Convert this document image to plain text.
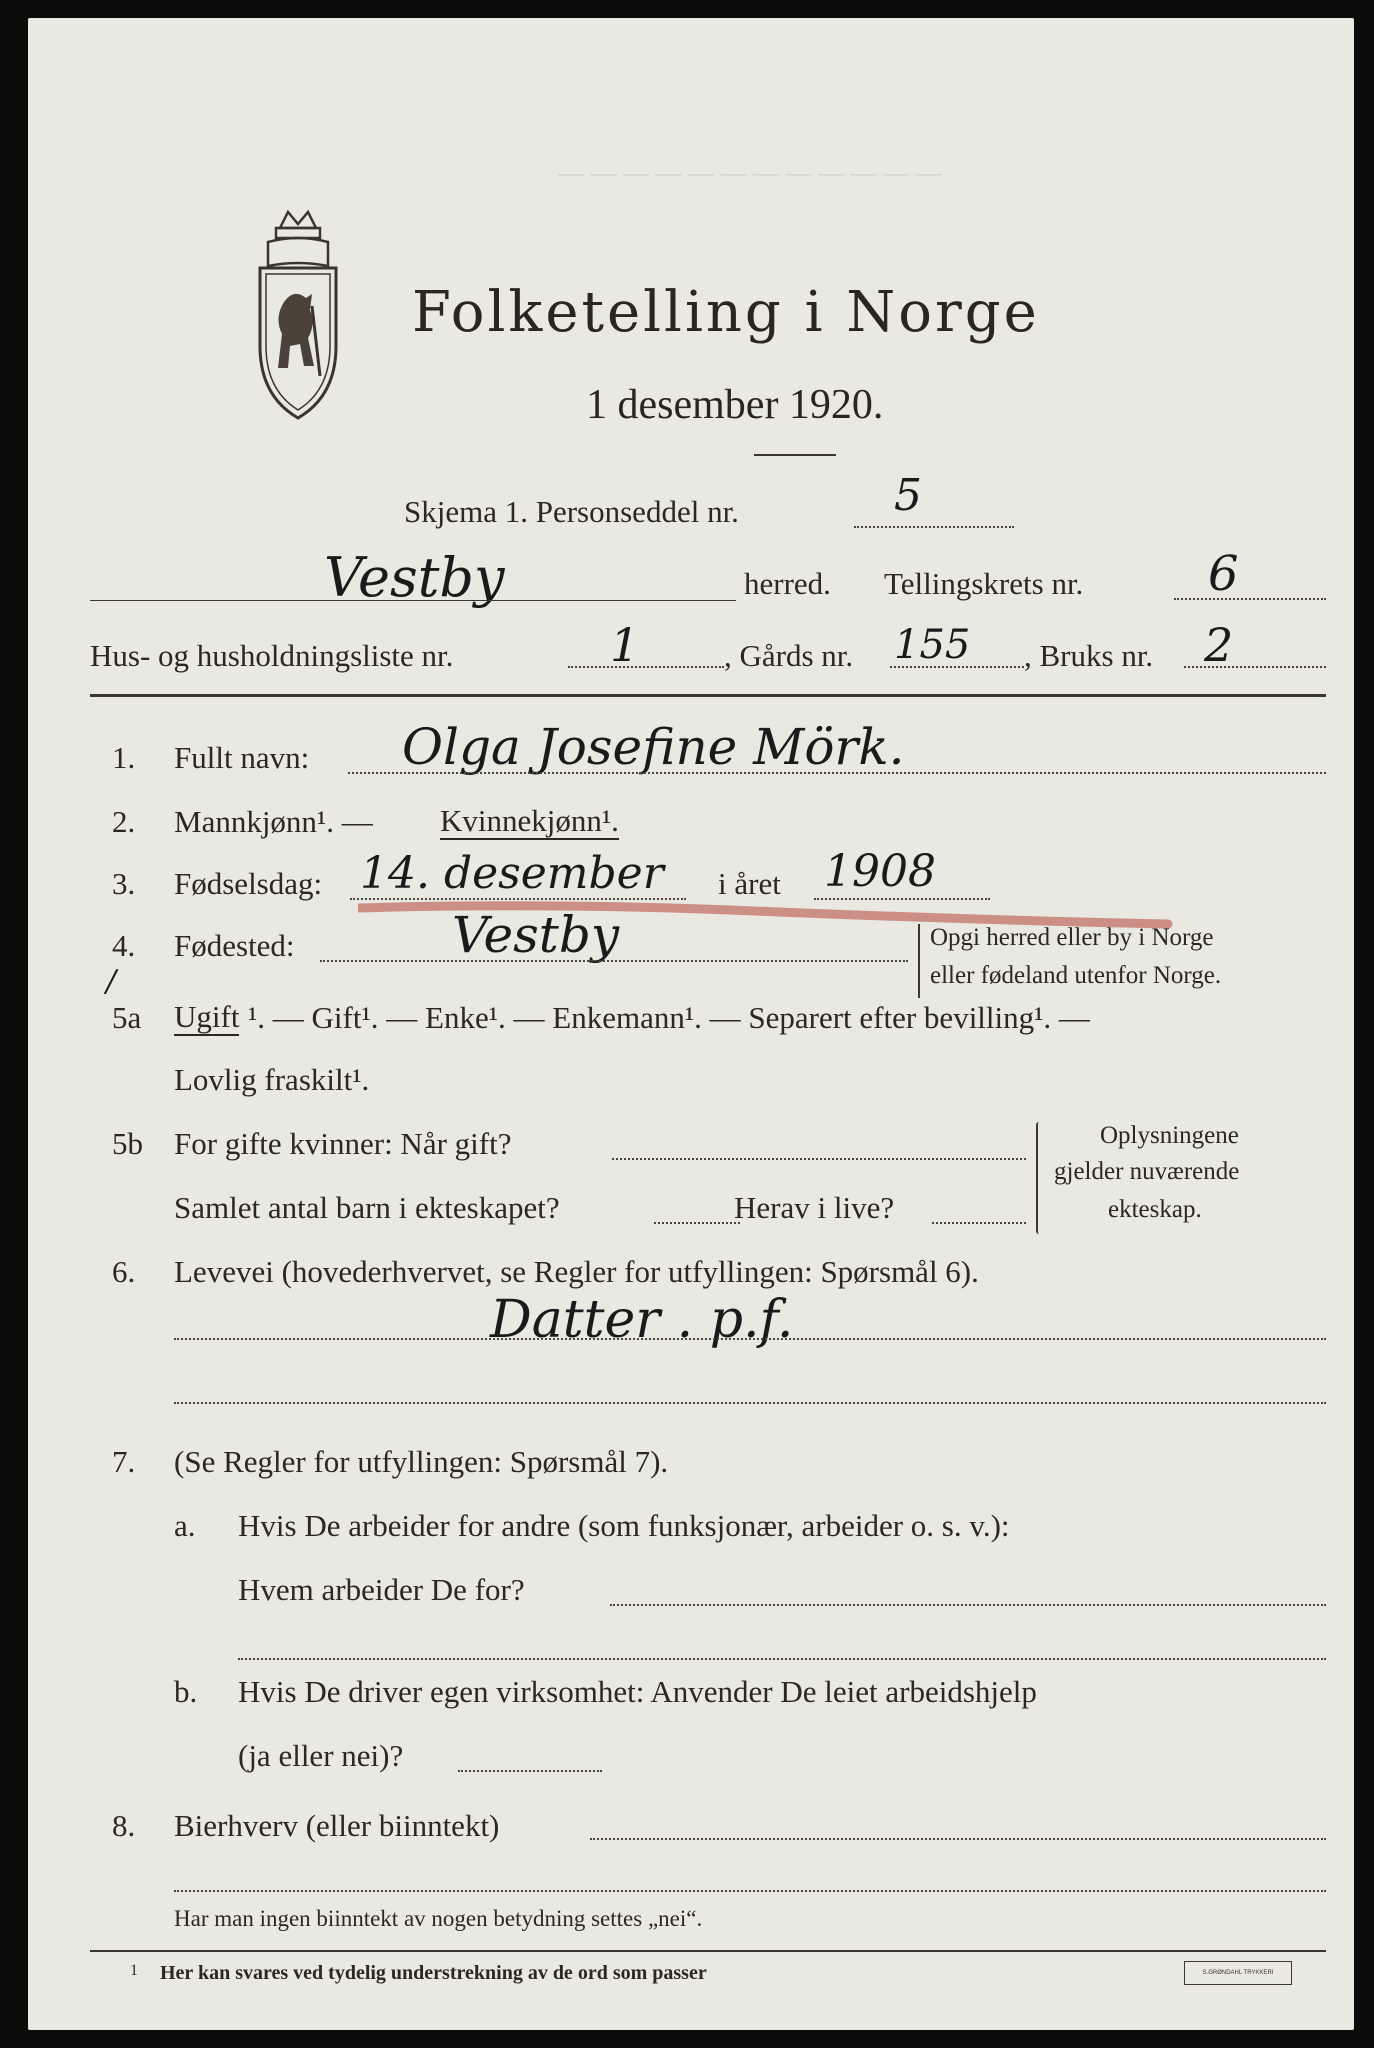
— — — — — — — — — — — —
Folketelling i Norge
1 desember 1920.
Skjema 1. Personseddel nr.	5
Vestby	herred. Tellingskrets nr.	6
Hus- og husholdningsliste nr.	1	, Gårds nr. 155 , Bruks nr. 2
1. Fullt navn: Olga Josefine Mörk.
2. Mannkjønn¹. — Kvinnekjønn¹.
3. Fødselsdag: 14. desember i året 1908
4. Fødested:	Vestby	Opgi herred eller by i Norge
eller fødeland utenfor Norge.
/
5a Ugift ¹. — Gift¹. — Enke¹. — Enkemann¹. — Separert efter bevilling¹. —
Lovlig fraskilt¹.
5b For gifte kvinner: Når gift?
Samlet antal barn i ekteskapet?	Herav i live?
Oplysningene
gjelder nuværende
ekteskap.
6. Levevei (hovederhvervet, se Regler for utfyllingen: Spørsmål 6).
Datter . p.f.
7. (Se Regler for utfyllingen: Spørsmål 7).
a. Hvis De arbeider for andre (som funksjonær, arbeider o. s. v.):
Hvem arbeider De for?
b. Hvis De driver egen virksomhet: Anvender De leiet arbeidshjelp
(ja eller nei)?
8. Bierhverv (eller biinntekt)
Har man ingen biinntekt av nogen betydning settes „nei“.
1 Her kan svares ved tydelig understrekning av de ord som passer	S.GRØNDAHL TRYKKERI
